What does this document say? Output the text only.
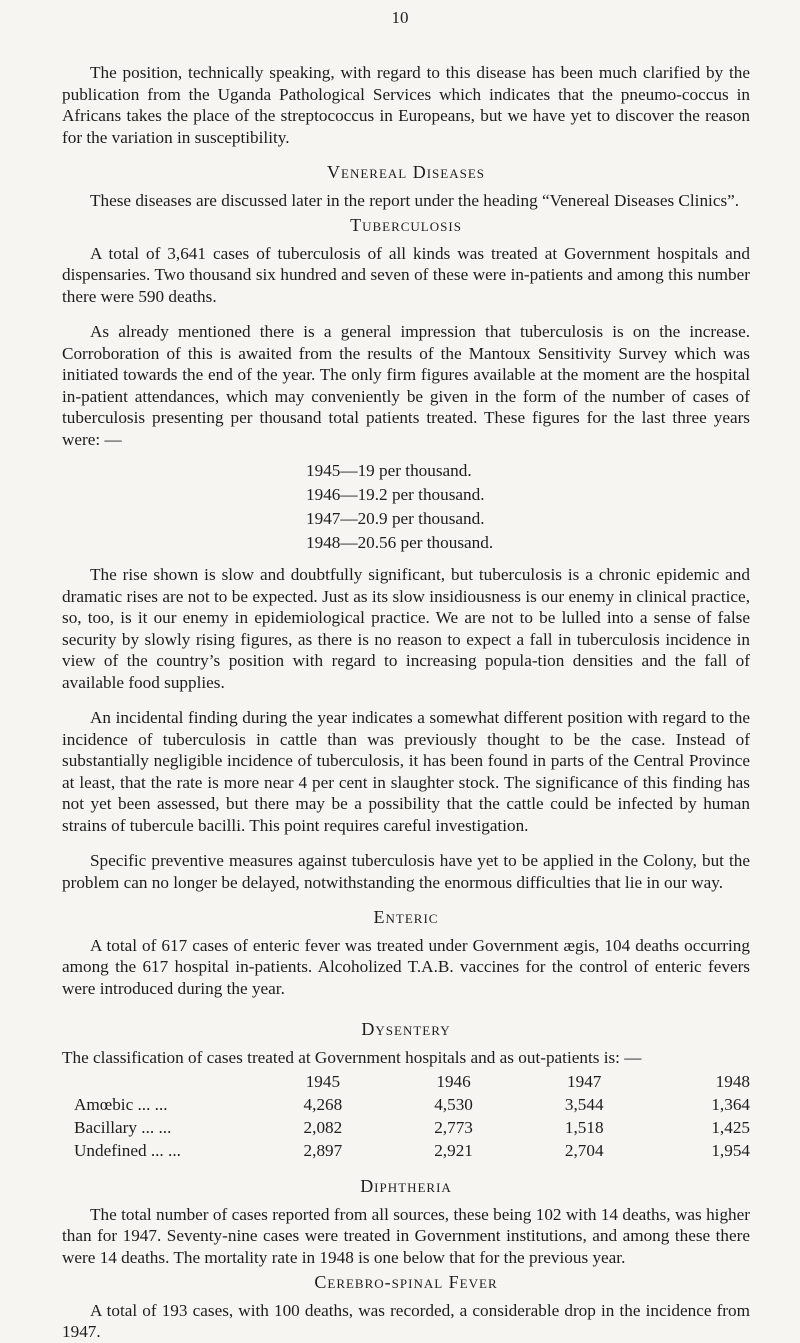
10

The position, technically speaking, with regard to this disease has been much clarified by the publication from the Uganda Pathological Services which indicates that the pneumo-coccus in Africans takes the place of the streptococcus in Europeans, but we have yet to discover the reason for the variation in susceptibility.

Venereal Diseases

These diseases are discussed later in the report under the heading “Venereal Diseases Clinics”.

Tuberculosis

A total of 3,641 cases of tuberculosis of all kinds was treated at Government hospitals and dispensaries. Two thousand six hundred and seven of these were in-patients and among this number there were 590 deaths.

As already mentioned there is a general impression that tuberculosis is on the increase. Corroboration of this is awaited from the results of the Mantoux Sensitivity Survey which was initiated towards the end of the year. The only firm figures available at the moment are the hospital in-patient attendances, which may conveniently be given in the form of the number of cases of tuberculosis presenting per thousand total patients treated. These figures for the last three years were: —

1945—19 per thousand.
1946—19.2 per thousand.
1947—20.9 per thousand.
1948—20.56 per thousand.

The rise shown is slow and doubtfully significant, but tuberculosis is a chronic epidemic and dramatic rises are not to be expected. Just as its slow insidiousness is our enemy in clinical practice, so, too, is it our enemy in epidemiological practice. We are not to be lulled into a sense of false security by slowly rising figures, as there is no reason to expect a fall in tuberculosis incidence in view of the country’s position with regard to increasing popula-tion densities and the fall of available food supplies.

An incidental finding during the year indicates a somewhat different position with regard to the incidence of tuberculosis in cattle than was previously thought to be the case. Instead of substantially negligible incidence of tuberculosis, it has been found in parts of the Central Province at least, that the rate is more near 4 per cent in slaughter stock. The significance of this finding has not yet been assessed, but there may be a possibility that the cattle could be infected by human strains of tubercule bacilli. This point requires careful investigation.

Specific preventive measures against tuberculosis have yet to be applied in the Colony, but the problem can no longer be delayed, notwithstanding the enormous difficulties that lie in our way.

Enteric

A total of 617 cases of enteric fever was treated under Government ægis, 104 deaths occurring among the 617 hospital in-patients. Alcoholized T.A.B. vaccines for the control of enteric fevers were introduced during the year.

Dysentery

The classification of cases treated at Government hospitals and as out-patients is: —

	1945	1946	1947	1948
Amœbic ... ...	4,268	4,530	3,544	1,364
Bacillary ... ...	2,082	2,773	1,518	1,425
Undefined ... ...	2,897	2,921	2,704	1,954
Diphtheria

The total number of cases reported from all sources, these being 102 with 14 deaths, was higher than for 1947. Seventy-nine cases were treated in Government institutions, and among these there were 14 deaths. The mortality rate in 1948 is one below that for the previous year.

Cerebro-spinal Fever

A total of 193 cases, with 100 deaths, was recorded, a considerable drop in the incidence from 1947.
